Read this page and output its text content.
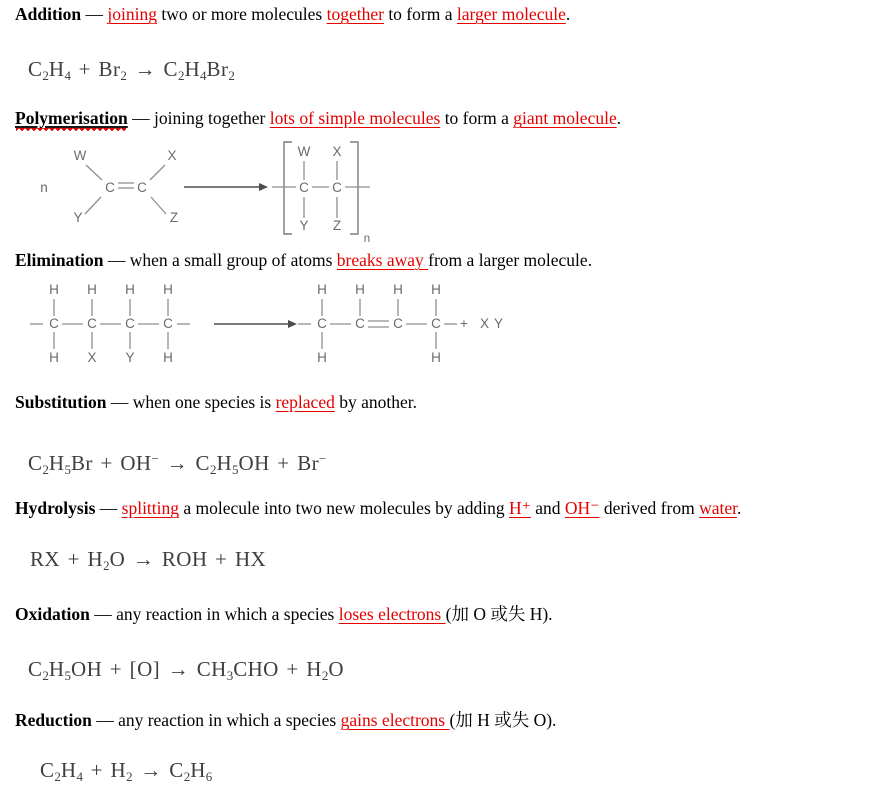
Addition — joining two or more molecules together to form a larger molecule.

$C_2H_4 + Br_2 \to C_2H_4Br_2$

Polymerisation — joining together lots of simple molecules to form a giant molecule.

n
W	X
C C
Y	Z
W X
C C
Y Z
n

Elimination — when a small group of atoms breaks away from a larger molecule.

H H H H
C C C C
H X Y H
H H H H
C C C C
H	H
+ XY

Substitution — when one species is replaced by another.

$C_2H_5Br + OH^- \to C_2H_5OH + Br^-$

Hydrolysis — splitting a molecule into two new molecules by adding H⁺ and OH⁻ derived from water.

RX + $H_2O$ → ROH + HX

Oxidation — any reaction in which a species loses electrons (加 O 或失 H).

$C_2H_5OH + [O] \to CH_3CHO + H_2O$

Reduction — any reaction in which a species gains electrons (加 H 或失 O).

$C_2H_4 + H_2 \to C_2H_6$
